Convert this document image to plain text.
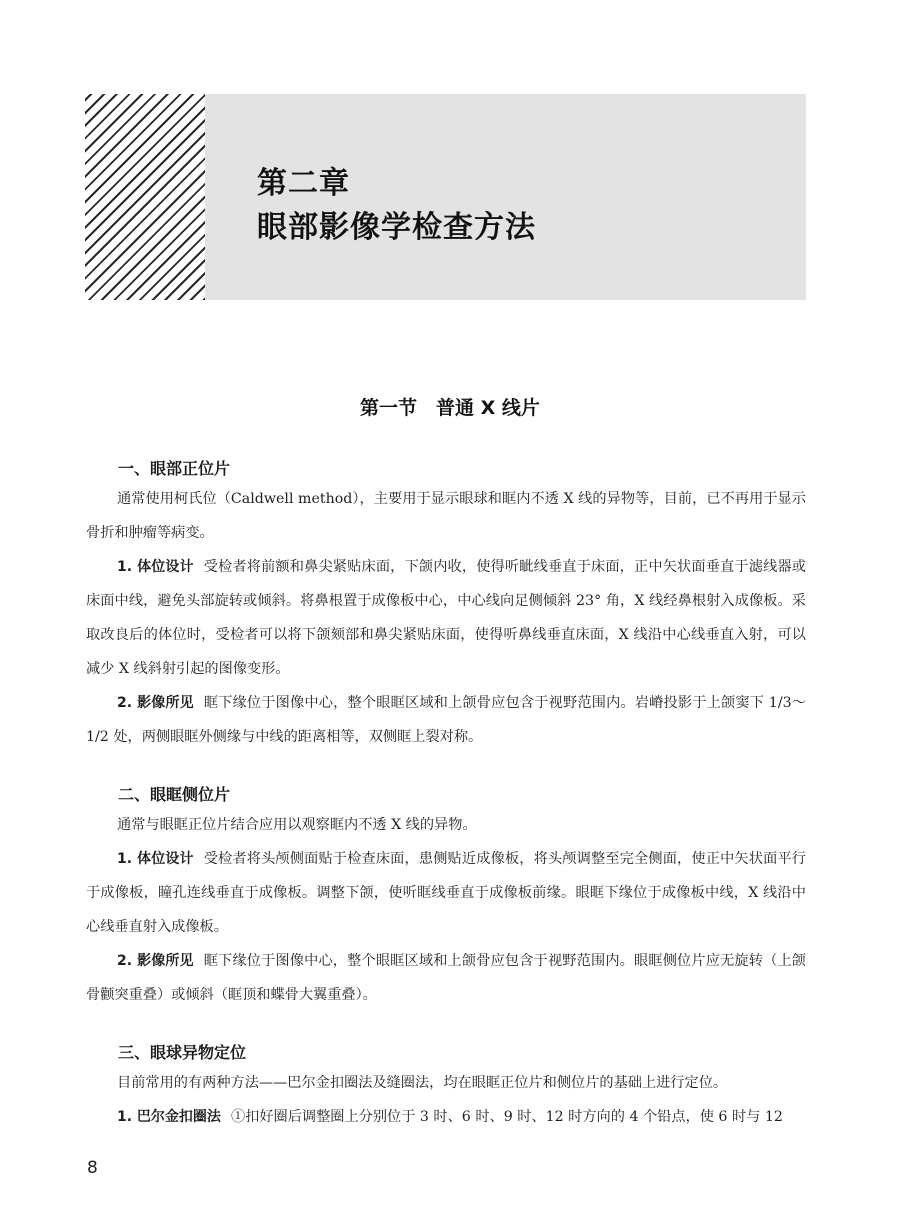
第二章
眼部影像学检查方法
第一节　普通 X 线片
一、眼部正位片

通常使用柯氏位（Caldwell method），主要用于显示眼球和眶内不透 X 线的异物等，目前，已不再用于显示骨折和肿瘤等病变。

1. 体位设计 受检者将前额和鼻尖紧贴床面，下颌内收，使得听眦线垂直于床面，正中矢状面垂直于滤线器或床面中线，避免头部旋转或倾斜。将鼻根置于成像板中心，中心线向足侧倾斜 23° 角，X 线经鼻根射入成像板。采取改良后的体位时，受检者可以将下颌颏部和鼻尖紧贴床面，使得听鼻线垂直床面，X 线沿中心线垂直入射，可以减少 X 线斜射引起的图像变形。

2. 影像所见 眶下缘位于图像中心，整个眼眶区域和上颌骨应包含于视野范围内。岩嵴投影于上颌窦下 1/3～1/2 处，两侧眼眶外侧缘与中线的距离相等，双侧眶上裂对称。

二、眼眶侧位片

通常与眼眶正位片结合应用以观察眶内不透 X 线的异物。

1. 体位设计 受检者将头颅侧面贴于检查床面，患侧贴近成像板，将头颅调整至完全侧面，使正中矢状面平行于成像板，瞳孔连线垂直于成像板。调整下颌，使听眶线垂直于成像板前缘。眼眶下缘位于成像板中线，X 线沿中心线垂直射入成像板。

2. 影像所见 眶下缘位于图像中心，整个眼眶区域和上颌骨应包含于视野范围内。眼眶侧位片应无旋转（上颌骨颧突重叠）或倾斜（眶顶和蝶骨大翼重叠）。

三、眼球异物定位

目前常用的有两种方法——巴尔金扣圈法及缝圈法，均在眼眶正位片和侧位片的基础上进行定位。

1. 巴尔金扣圈法 ①扣好圈后调整圈上分别位于 3 时、6 时、9 时、12 时方向的 4 个铅点，使 6 时与 12

8
